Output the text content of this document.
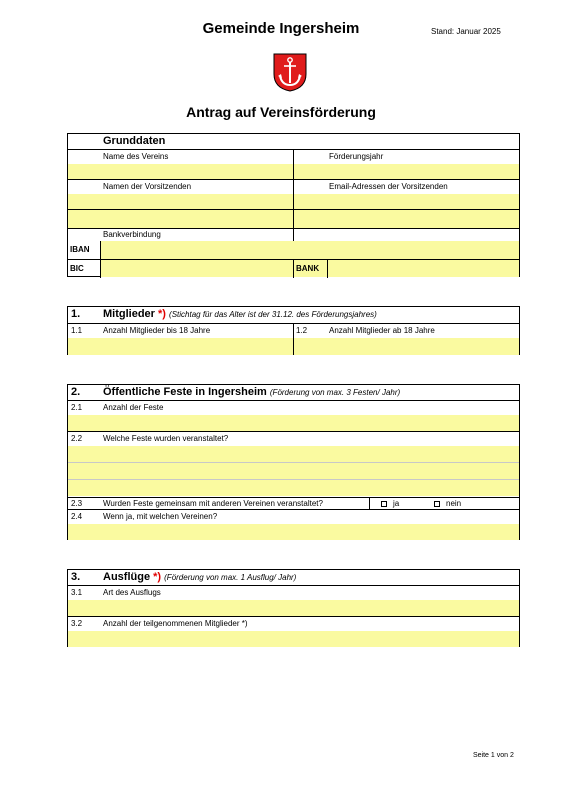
Gemeinde Ingersheim	Stand: Januar 2025
Antrag auf Vereinsförderung
Grunddaten
Name des Vereins	Förderungsjahr
Namen der Vorsitzenden	Email-Adressen der Vorsitzenden
Bankverbindung
IBAN
BIC	BANK
1. Mitglieder *) (Stichtag für das Alter ist der 31.12. des Förderungsjahres)
1.1	Anzahl Mitglieder bis 18 Jahre	1.2	Anzahl Mitglieder ab 18 Jahre
2. Öffentliche Feste in Ingersheim (Förderung von max. 3 Festen/ Jahr)
2.1	Anzahl der Feste
2.2	Welche Feste wurden veranstaltet?
2.3	Wurden Feste gemeinsam mit anderen Vereinen veranstaltet?	ja	nein
2.4	Wenn ja, mit welchen Vereinen?
3. Ausflüge *) (Förderung von max. 1 Ausflug/ Jahr)
3.1	Art des Ausflugs
3.2	Anzahl der teilgenommenen Mitglieder *)
Seite 1 von 2
